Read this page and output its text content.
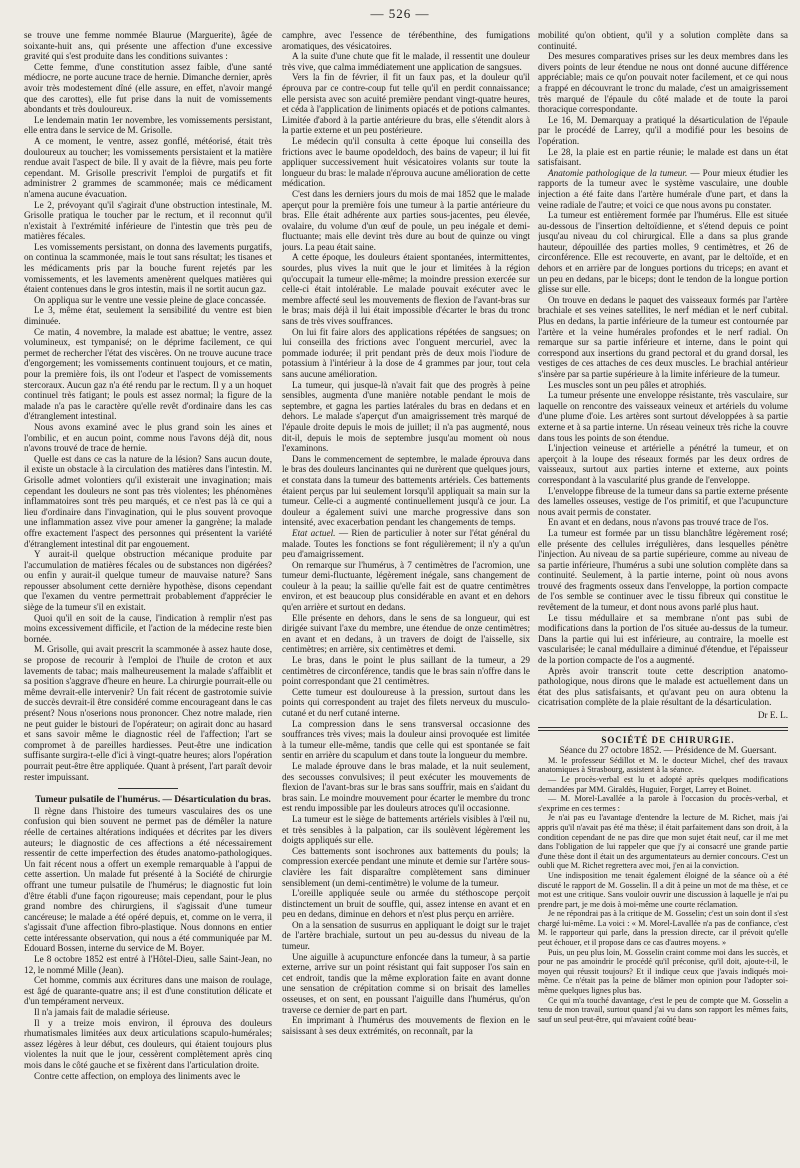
— 526 —

se trouve une femme nommée Blaurue (Marguerite), âgée de soixante-huit ans, qui présente une affection d'une excessive gravité qui s'est produite dans les conditions suivantes :

Cette femme, d'une constitution assez faible, d'une santé médiocre, ne porte aucune trace de hernie. Dimanche dernier, après avoir très modestement dîné (elle assure, en effet, n'avoir mangé que des carottes), elle fut prise dans la nuit de vomissements abondants et très douloureux.

Le lendemain matin 1er novembre, les vomissements persistant, elle entra dans le service de M. Grisolle.

A ce moment, le ventre, assez gonflé, météorisé, était très douloureux au toucher; les vomissements persistaient et la matière rendue avait l'aspect de bile. Il y avait de la fièvre, mais peu forte cependant. M. Grisolle prescrivit l'emploi de purgatifs et fit administrer 2 grammes de scammonée; mais ce médicament n'amena aucune évacuation.

Le 2, prévoyant qu'il s'agirait d'une obstruction intestinale, M. Grisolle pratiqua le toucher par le rectum, et il reconnut qu'il n'existait à l'extrémité inférieure de l'intestin que très peu de matières fécales.

Les vomissements persistant, on donna des lavements purgatifs, on continua la scammonée, mais le tout sans résultat; les tisanes et les médicaments pris par la bouche furent rejetés par les vomissements, et les lavements amenèrent quelques matières qui étaient contenues dans le gros intestin, mais il ne sortit aucun gaz.

On appliqua sur le ventre une vessie pleine de glace concassée.

Le 3, même état, seulement la sensibilité du ventre est bien diminuée.

Ce matin, 4 novembre, la malade est abattue; le ventre, assez volumineux, est tympanisé; on le déprime facilement, ce qui permet de rechercher l'état des viscères. On ne trouve aucune trace d'engorgement; les vomissements continuent toujours, et ce matin, pour la première fois, ils ont l'odeur et l'aspect de vomissements stercoraux. Aucun gaz n'a été rendu par le rectum. Il y a un hoquet continuel très fatigant; le pouls est assez normal; la figure de la malade n'a pas le caractère qu'elle revêt d'ordinaire dans les cas d'étranglement intestinal.

Nous avons examiné avec le plus grand soin les aines et l'ombilic, et en aucun point, comme nous l'avons déjà dit, nous n'avons trouvé de trace de hernie.

Quelle est dans ce cas la nature de la lésion? Sans aucun doute, il existe un obstacle à la circulation des matières dans l'intestin. M. Grisolle admet volontiers qu'il existerait une invagination; mais cependant les douleurs ne sont pas très violentes; les phénomènes inflammatoires sont très peu marqués, et ce n'est pas là ce qui a lieu d'ordinaire dans l'invagination, qui le plus souvent provoque une inflammation assez vive pour amener la gangrène; la malade offre exactement l'aspect des personnes qui présentent la variété d'étranglement intestinal dit par engouement.

Y aurait-il quelque obstruction mécanique produite par l'accumulation de matières fécales ou de substances non digérées? ou enfin y aurait-il quelque tumeur de mauvaise nature? Sans repousser absolument cette dernière hypothèse, disons cependant que l'examen du ventre permettrait probablement d'apprécier le siège de la tumeur s'il en existait.

Quoi qu'il en soit de la cause, l'indication à remplir n'est pas moins excessivement difficile, et l'action de la médecine reste bien bornée.

M. Grisolle, qui avait prescrit la scammonée à assez haute dose, se propose de recourir à l'emploi de l'huile de croton et aux lavements de tabac; mais malheureusement la malade s'affaiblit et sa position s'aggrave d'heure en heure. La chirurgie pourrait-elle ou même devrait-elle intervenir? Un fait récent de gastrotomie suivie de succès devrait-il être considéré comme encourageant dans le cas présent? Nous n'oserions nous prononcer. Chez notre malade, rien ne peut guider le bistouri de l'opérateur; on agirait donc au hasard et sans savoir même le diagnostic réel de l'affection; l'art se compromet à de pareilles hardiesses. Peut-être une indication suffisante surgira-t-elle d'ici à vingt-quatre heures; alors l'opération pourrait peut-être être appliquée. Quant à présent, l'art paraît devoir rester impuissant.

Tumeur pulsatile de l'humérus. — Désarticulation du bras.

Il règne dans l'histoire des tumeurs vasculaires des os une confusion qui bien souvent ne permet pas de démêler la nature réelle de certaines altérations indiquées et décrites par les divers auteurs; le diagnostic de ces affections a été nécessairement ressentir de cette imperfection des études anatomo-pathologiques. Un fait récent nous a offert un exemple remarquable à l'appui de cette assertion. Un malade fut présenté à la Société de chirurgie offrant une tumeur pulsatile de l'humérus; le diagnostic fut loin d'être établi d'une façon rigoureuse; mais cependant, pour le plus grand nombre des chirurgiens, il s'agissait d'une tumeur cancéreuse; le malade a été opéré depuis, et, comme on le verra, il s'agissait d'une affection fibro-plastique. Nous donnons en entier cette intéressante observation, qui nous a été communiquée par M. Edouard Bossen, interne du service de M. Boyer.

Le 8 octobre 1852 est entré à l'Hôtel-Dieu, salle Saint-Jean, no 12, le nommé Mille (Jean).

Cet homme, commis aux écritures dans une maison de roulage, est âgé de quarante-quatre ans; il est d'une constitution délicate et d'un tempérament nerveux.

Il n'a jamais fait de maladie sérieuse.

Il y a treize mois environ, il éprouva des douleurs rhumatismales limitées aux deux articulations scapulo-humérales; assez légères à leur début, ces douleurs, qui étaient toujours plus violentes la nuit que le jour, cessèrent complètement après cinq mois dans le côté gauche et se fixèrent dans l'articulation droite.

Contre cette affection, on employa des liniments avec le

camphre, avec l'essence de térébenthine, des fumigations aromatiques, des vésicatoires.

A la suite d'une chute que fit le malade, il ressentit une douleur très vive, que calma immédiatement une application de sangsues.

Vers la fin de février, il fit un faux pas, et la douleur qu'il éprouva par ce contre-coup fut telle qu'il en perdit connaissance; elle persista avec son acuité première pendant vingt-quatre heures, et céda à l'application de liniments opiacés et de potions calmantes. Limitée d'abord à la partie antérieure du bras, elle s'étendit alors à la partie externe et un peu postérieure.

Le médecin qu'il consulta à cette époque lui conseilla des frictions avec le baume opodeldoch, des bains de vapeur; il lui fit appliquer successivement huit vésicatoires volants sur toute la longueur du bras: le malade n'éprouva aucune amélioration de cette médication.

C'est dans les derniers jours du mois de mai 1852 que le malade aperçut pour la première fois une tumeur à la partie antérieure du bras. Elle était adhérente aux parties sous-jacentes, peu élevée, ovalaire, du volume d'un œuf de poule, un peu inégale et demi-fluctuante; mais elle devint très dure au bout de quinze ou vingt jours. La peau était saine.

A cette époque, les douleurs étaient spontanées, intermittentes, sourdes, plus vives la nuit que le jour et limitées à la région qu'occupait la tumeur elle-même; la moindre pression exercée sur celle-ci était intolérable. Le malade pouvait exécuter avec le membre affecté seul les mouvements de flexion de l'avant-bras sur le bras; mais déjà il lui était impossible d'écarter le bras du tronc sans de très vives souffrances.

On lui fit faire alors des applications répétées de sangsues; on lui conseilla des frictions avec l'onguent mercuriel, avec la pommade iodurée; il prit pendant près de deux mois l'iodure de potassium à l'intérieur à la dose de 4 grammes par jour, tout cela sans aucune amélioration.

La tumeur, qui jusque-là n'avait fait que des progrès à peine sensibles, augmenta d'une manière notable pendant le mois de septembre, et gagna les parties latérales du bras en dedans et en dehors. Le malade s'aperçut d'un amaigrissement très marqué de l'épaule droite depuis le mois de juillet; il n'a pas augmenté, nous dit-il, depuis le mois de septembre jusqu'au moment où nous l'examinons.

Dans le commencement de septembre, le malade éprouva dans le bras des douleurs lancinantes qui ne durèrent que quelques jours, et constata dans la tumeur des battements artériels. Ces battements étaient perçus par lui seulement lorsqu'il appliquait sa main sur la tumeur. Celle-ci a augmenté continuellement jusqu'à ce jour. La douleur a également suivi une marche progressive dans son intensité, avec exacerbation pendant les changements de temps.

Etat actuel. — Rien de particulier à noter sur l'état général du malade. Toutes les fonctions se font régulièrement; il n'y a qu'un peu d'amaigrissement.

On remarque sur l'humérus, à 7 centimètres de l'acromion, une tumeur demi-fluctuante, légèrement inégale, sans changement de couleur à la peau; la saillie qu'elle fait est de quatre centimètres environ, et est beaucoup plus considérable en avant et en dehors qu'en arrière et surtout en dedans.

Elle présente en dehors, dans le sens de sa longueur, qui est dirigée suivant l'axe du membre, une étendue de onze centimètres; en avant et en dedans, à un travers de doigt de l'aisselle, six centimètres; en arrière, six centimètres et demi.

Le bras, dans le point le plus saillant de la tumeur, a 29 centimètres de circonférence, tandis que le bras sain n'offre dans le point correspondant que 21 centimètres.

Cette tumeur est douloureuse à la pression, surtout dans les points qui correspondent au trajet des filets nerveux du musculo-cutané et du nerf cutané interne.

La compression dans le sens transversal occasionne des souffrances très vives; mais la douleur ainsi provoquée est limitée à la tumeur elle-même, tandis que celle qui est spontanée se fait sentir en arrière du scapulum et dans toute la longueur du membre.

Le malade éprouve dans le bras malade, et la nuit seulement, des secousses convulsives; il peut exécuter les mouvements de flexion de l'avant-bras sur le bras sans souffrir, mais en s'aidant du bras sain. Le moindre mouvement pour écarter le membre du tronc est rendu impossible par les douleurs atroces qu'il occasionne.

La tumeur est le siège de battements artériels visibles à l'œil nu, et très sensibles à la palpation, car ils soulèvent légèrement les doigts appliqués sur elle.

Ces battements sont isochrones aux battements du pouls; la compression exercée pendant une minute et demie sur l'artère sous-clavière les fait disparaître complètement sans diminuer sensiblement (un demi-centimètre) le volume de la tumeur.

L'oreille appliquée seule ou armée du stéthoscope perçoit distinctement un bruit de souffle, qui, assez intense en avant et en peu en dedans, diminue en dehors et n'est plus perçu en arrière.

On a la sensation de susurrus en appliquant le doigt sur le trajet de l'artère brachiale, surtout un peu au-dessus du niveau de la tumeur.

Une aiguille à acupuncture enfoncée dans la tumeur, à sa partie externe, arrive sur un point résistant qui fait supposer l'os sain en cet endroit, tandis que la même exploration faite en avant donne une sensation de crépitation comme si on brisait des lamelles osseuses, et on sent, en poussant l'aiguille dans l'humérus, qu'on traverse ce dernier de part en part.

En imprimant à l'humérus des mouvements de flexion en le saisissant à ses deux extrémités, on reconnaît, par la

mobilité qu'on obtient, qu'il y a solution complète dans sa continuité.

Des mesures comparatives prises sur les deux membres dans les divers points de leur étendue ne nous ont donné aucune différence appréciable; mais ce qu'on pouvait noter facilement, et ce qui nous a frappé en découvrant le tronc du malade, c'est un amaigrissement très marqué de l'épaule du côté malade et de toute la paroi thoracique correspondante.

Le 16, M. Demarquay a pratiqué la désarticulation de l'épaule par le procédé de Larrey, qu'il a modifié pour les besoins de l'opération.

Le 28, la plaie est en partie réunie; le malade est dans un état satisfaisant.

Anatomie pathologique de la tumeur. — Pour mieux étudier les rapports de la tumeur avec le système vasculaire, une double injection a été faite dans l'artère humérale d'une part, et dans la veine radiale de l'autre; et voici ce que nous avons pu constater.

La tumeur est entièrement formée par l'humérus. Elle est située au-dessous de l'insertion deltoïdienne, et s'étend depuis ce point jusqu'au niveau du col chirurgical. Elle a dans sa plus grande hauteur, dépouillée des parties molles, 9 centimètres, et 26 de circonférence. Elle est recouverte, en avant, par le deltoïde, et en dehors et en arrière par de longues portions du triceps; en avant et un peu en dedans, par le biceps; dont le tendon de la longue portion glisse sur elle.

On trouve en dedans le paquet des vaisseaux formés par l'artère brachiale et ses veines satellites, le nerf médian et le nerf cubital. Plus en dedans, la partie inférieure de la tumeur est contournée par l'artère et la veine humérales profondes et le nerf radial. On remarque sur sa partie inférieure et interne, dans le point qui correspond aux insertions du grand pectoral et du grand dorsal, les vestiges de ces attaches de ces deux muscles. Le brachial antérieur s'insère par sa partie supérieure à la limite inférieure de la tumeur.

Les muscles sont un peu pâles et atrophiés.

La tumeur présente une enveloppe résistante, très vasculaire, sur laquelle on rencontre des vaisseaux veineux et artériels du volume d'une plume d'oie. Les artères sont surtout développées à sa partie externe et à sa partie interne. Un réseau veineux très riche la couvre dans tous les points de son étendue.

L'injection veineuse et artérielle a pénétré la tumeur, et on aperçoit à la loupe des réseaux formés par les deux ordres de vaisseaux, surtout aux parties interne et externe, aux points correspondant à la vascularité plus grande de l'enveloppe.

L'enveloppe fibreuse de la tumeur dans sa partie externe présente des lamelles osseuses, vestige de l'os primitif, et que l'acupuncture nous avait permis de constater.

En avant et en dedans, nous n'avons pas trouvé trace de l'os.

La tumeur est formée par un tissu blanchâtre légèrement rosé; elle présente des cellules irrégulières, dans lesquelles pénètre l'injection. Au niveau de sa partie supérieure, comme au niveau de sa partie inférieure, l'humérus a subi une solution complète dans sa continuité. Seulement, à la partie interne, point où nous avons trouvé des fragments osseux dans l'enveloppe, la portion compacte de l'os semble se continuer avec le tissu fibreux qui constitue le revêtement de la tumeur, et dont nous avons parlé plus haut.

Le tissu médullaire et sa membrane n'ont pas subi de modifications dans la portion de l'os située au-dessus de la tumeur. Dans la partie qui lui est inférieure, au contraire, la moelle est vascularisée; le canal médullaire a diminué d'étendue, et l'épaisseur de la portion compacte de l'os a augmenté.

Après avoir transcrit toute cette description anatomo-pathologique, nous dirons que le malade est actuellement dans un état des plus satisfaisants, et qu'avant peu on aura obtenu la cicatrisation complète de la plaie résultant de la désarticulation.

Dr E. L.

SOCIÉTÉ DE CHIRURGIE.

Séance du 27 octobre 1852. — Présidence de M. Guersant.

M. le professeur Sédillot et M. le docteur Michel, chef des travaux anatomiques à Strasbourg, assistent à la séance.

— Le procès-verbal est lu et adopté après quelques modifications demandées par MM. Giraldès, Huguier, Forget, Larrey et Boinet.

— M. Morel-Lavallée a la parole à l'occasion du procès-verbal, et s'exprime en ces termes :

Je n'ai pas eu l'avantage d'entendre la lecture de M. Richet, mais j'ai appris qu'il n'avait pas été ma thèse; il était parfaitement dans son droit, à la condition cependant de ne pas dire que mon sujet était neuf, car il me met dans l'obligation de lui rappeler que que j'y ai consacré une grande partie d'une thèse dont il était un des argumentateurs au dernier concours. C'est un oubli que M. Richet regrettera avec moi, j'en ai la conviction.

Une indisposition me tenait également éloigné de la séance où a été discuté le rapport de M. Gosselin. Il a dit à peine un mot de ma thèse, et ce mot est une critique. Sans vouloir ouvrir une discussion à laquelle je n'ai pu prendre part, je me dois à moi-même une courte réclamation.

Je ne répondrai pas à la critique de M. Gosselin; c'est un soin dont il s'est chargé lui-même. La voici : « M. Morel-Lavallée n'a pas de confiance, c'est M. le rapporteur qui parle, dans la pression directe, car il prévoit qu'elle peut échouer, et il propose dans ce cas d'autres moyens. »

Puis, un peu plus loin, M. Gosselin craint comme moi dans les succès, et pour ne pas amoindrir le procédé qu'il préconise, qu'il doit, ajoute-t-il, le moyen qui réussit toujours? Et il indique ceux que j'avais indiqués moi-même. Ce n'était pas la peine de blâmer mon opinion pour l'adopter soi-même quelques lignes plus bas.

Ce qui m'a touché davantage, c'est le peu de compte que M. Gosselin a tenu de mon travail, surtout quand j'ai vu dans son rapport les mêmes faits, sauf un seul peut-être, qui m'avaient coûté beau-
